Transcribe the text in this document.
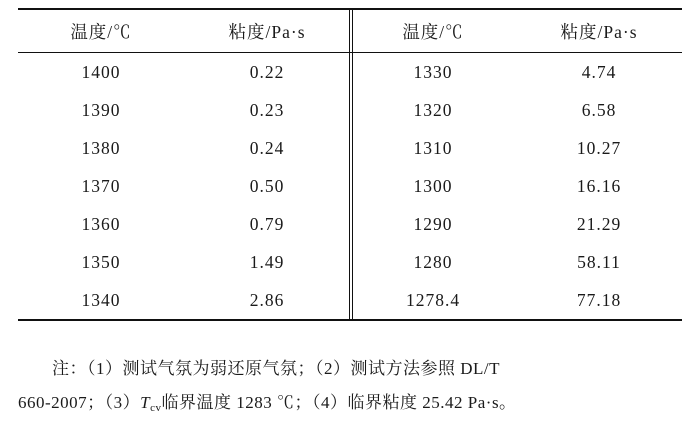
温度/℃	粘度/Pa·s	温度/℃	粘度/Pa·s
1400	0.22	1330	4.74
1390	0.23	1320	6.58
1380	0.24	1310	10.27
1370	0.50	1300	16.16
1360	0.79	1290	21.29
1350	1.49	1280	58.11
1340	2.86	1278.4	77.18

注：（1）测试气氛为弱还原气氛；（2）测试方法参照 DL/T

660-2007；$(3)T_{cv}$临界温度 1283 ℃；（4）临界粘度 25.42 Pa·s。
